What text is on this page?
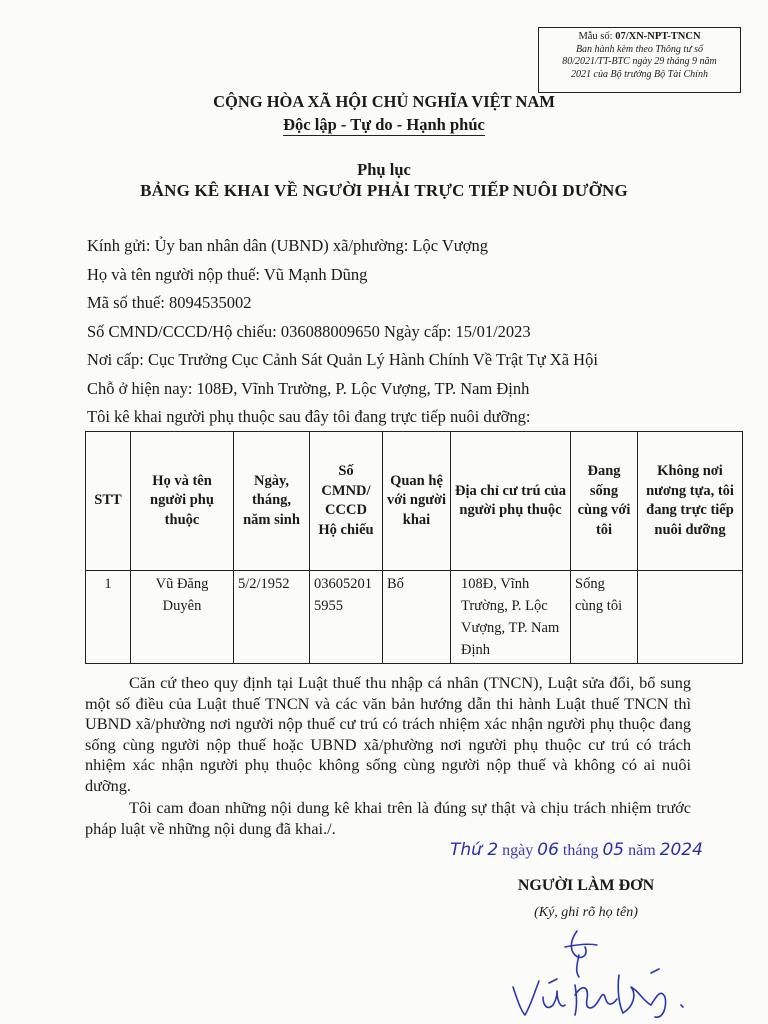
Mẫu số: 07/XN-NPT-TNCN
Ban hành kèm theo Thông tư số
80/2021/TT-BTC ngày 29 tháng 9 năm
2021 của Bộ trưởng Bộ Tài Chính
CỘNG HÒA XÃ HỘI CHỦ NGHĨA VIỆT NAM
Độc lập - Tự do - Hạnh phúc
Phụ lục
BẢNG KÊ KHAI VỀ NGƯỜI PHẢI TRỰC TIẾP NUÔI DƯỠNG
Kính gửi: Ủy ban nhân dân (UBND) xã/phường: Lộc Vượng
Họ và tên người nộp thuế: Vũ Mạnh Dũng
Mã số thuế: 8094535002
Số CMND/CCCD/Hộ chiếu: 036088009650 Ngày cấp: 15/01/2023
Nơi cấp: Cục Trưởng Cục Cảnh Sát Quản Lý Hành Chính Về Trật Tự Xã Hội
Chỗ ở hiện nay: 108Đ, Vĩnh Trường, P. Lộc Vượng, TP. Nam Định
Tôi kê khai người phụ thuộc sau đây tôi đang trực tiếp nuôi dưỡng:
STT	Họ và tên người phụ thuộc	Ngày, tháng, năm sinh	Số CMND/ CCCD Hộ chiếu	Quan hệ với người khai	Địa chỉ cư trú của người phụ thuộc	Đang sống cùng với tôi	Không nơi nương tựa, tôi đang trực tiếp nuôi dưỡng
1	Vũ Đăng Duyên	5/2/1952	036052015955	Bố	108Đ, Vĩnh Trường, P. Lộc Vượng, TP. Nam Định	Sống cùng tôi	

Căn cứ theo quy định tại Luật thuế thu nhập cá nhân (TNCN), Luật sửa đổi, bổ sung một số điều của Luật thuế TNCN và các văn bản hướng dẫn thi hành Luật thuế TNCN thì UBND xã/phường nơi người nộp thuế cư trú có trách nhiệm xác nhận người phụ thuộc đang sống cùng người nộp thuế hoặc UBND xã/phường nơi người phụ thuộc cư trú có trách nhiệm xác nhận người phụ thuộc không sống cùng người nộp thuế và không có ai nuôi dưỡng.

Tôi cam đoan những nội dung kê khai trên là đúng sự thật và chịu trách nhiệm trước pháp luật về những nội dung đã khai./.

Thứ 2 ngày 06 tháng 05 năm 2024
NGƯỜI LÀM ĐƠN
(Ký, ghi rõ họ tên)
